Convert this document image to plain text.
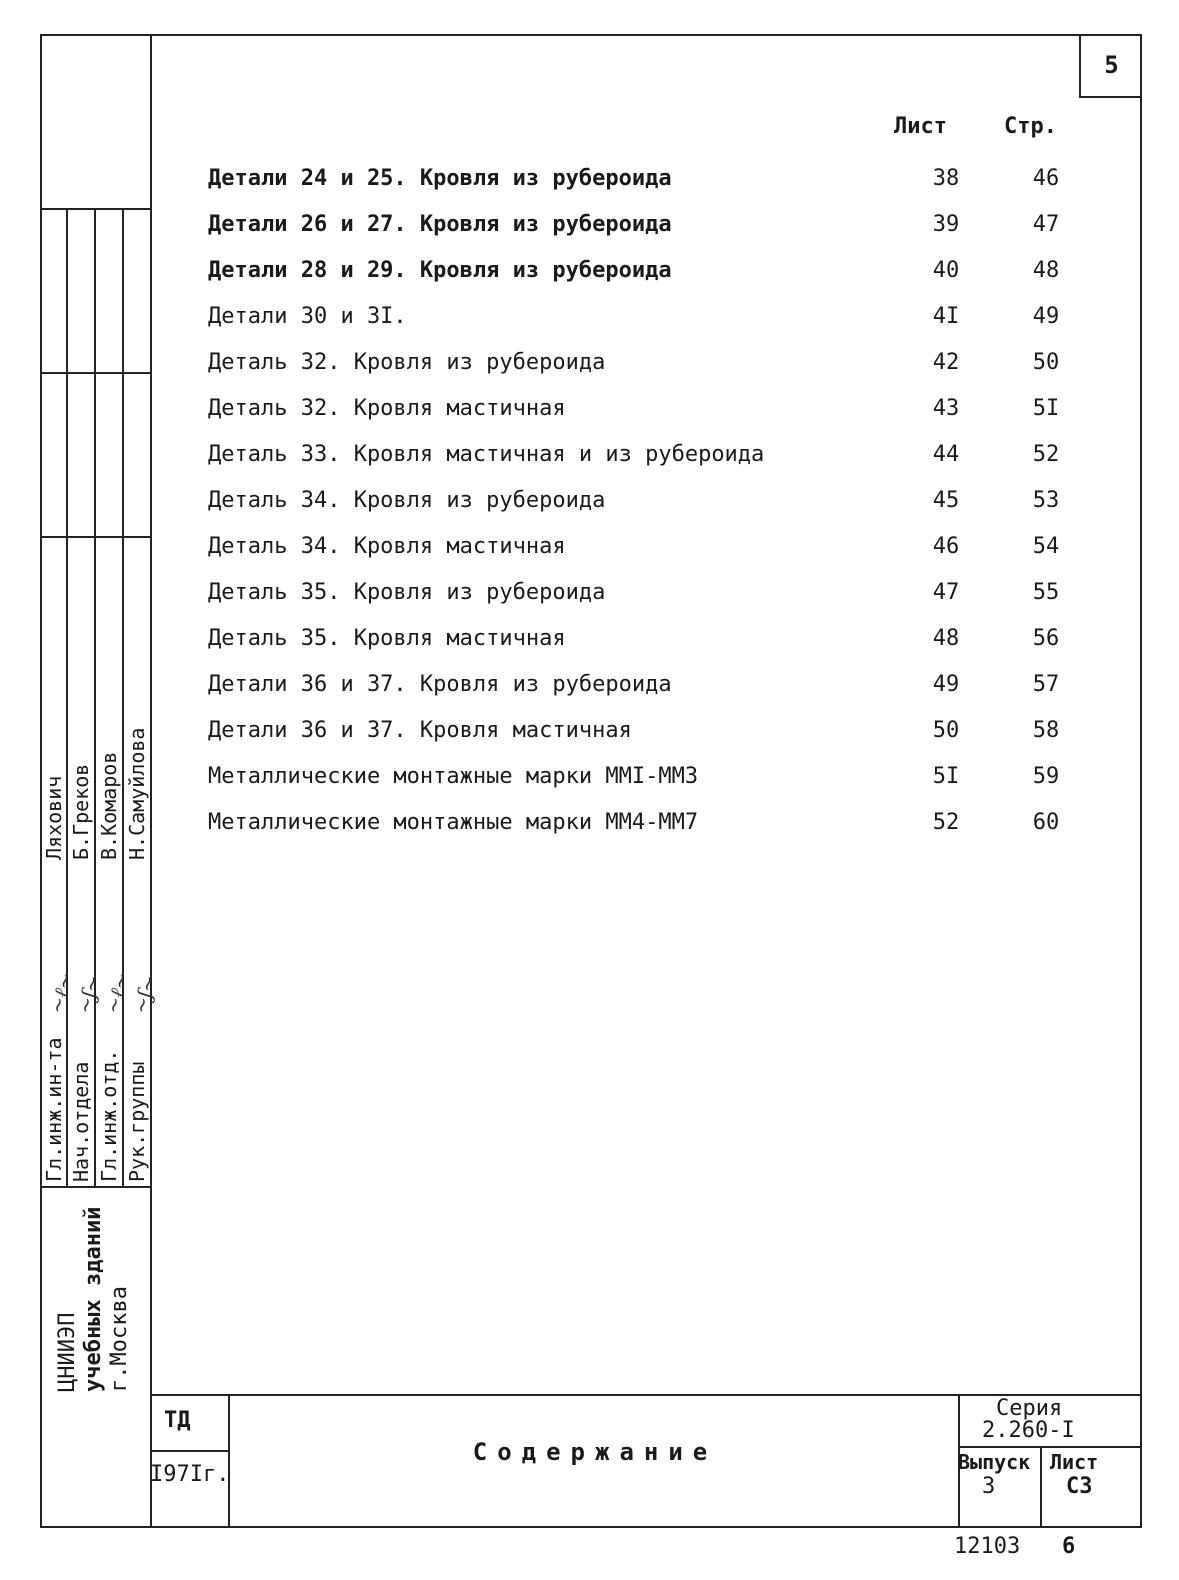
5
Лист	Стр.
Детали 24 и 25. Кровля из рубероида	38	46
Детали 26 и 27. Кровля из рубероида	39	47
Детали 28 и 29. Кровля из рубероида	40	48
Детали 30 и 3I.	4I	49
Деталь 32. Кровля из рубероида	42	50
Деталь 32. Кровля мастичная	43	5I
Деталь 33. Кровля мастичная и из рубероида	44	52
Деталь 34. Кровля из рубероида	45	53
Деталь 34. Кровля мастичная	46	54
Деталь 35. Кровля из рубероида	47	55
Деталь 35. Кровля мастичная	48	56
Детали 36 и 37. Кровля из рубероида	49	57
Детали 36 и 37. Кровля мастичная	50	58
Металлические монтажные марки ММI-ММ3	5I	59
Металлические монтажные марки ММ4-ММ7	52	60
Гл.инж.ин-та Нач.отдела Гл.инж.отд. Рук.группы
Ляхович Б.Греков В.Комаров Н.Самуйлова
~ℓ~
~ʃ~
~ℓ~
~ʃ~
ЦНИИЭП учебных зданий г.Москва
ТД
I97Iг.
Содержание
Серия
2.260-I
Выпуск
3
Лист
С3
12103 6
